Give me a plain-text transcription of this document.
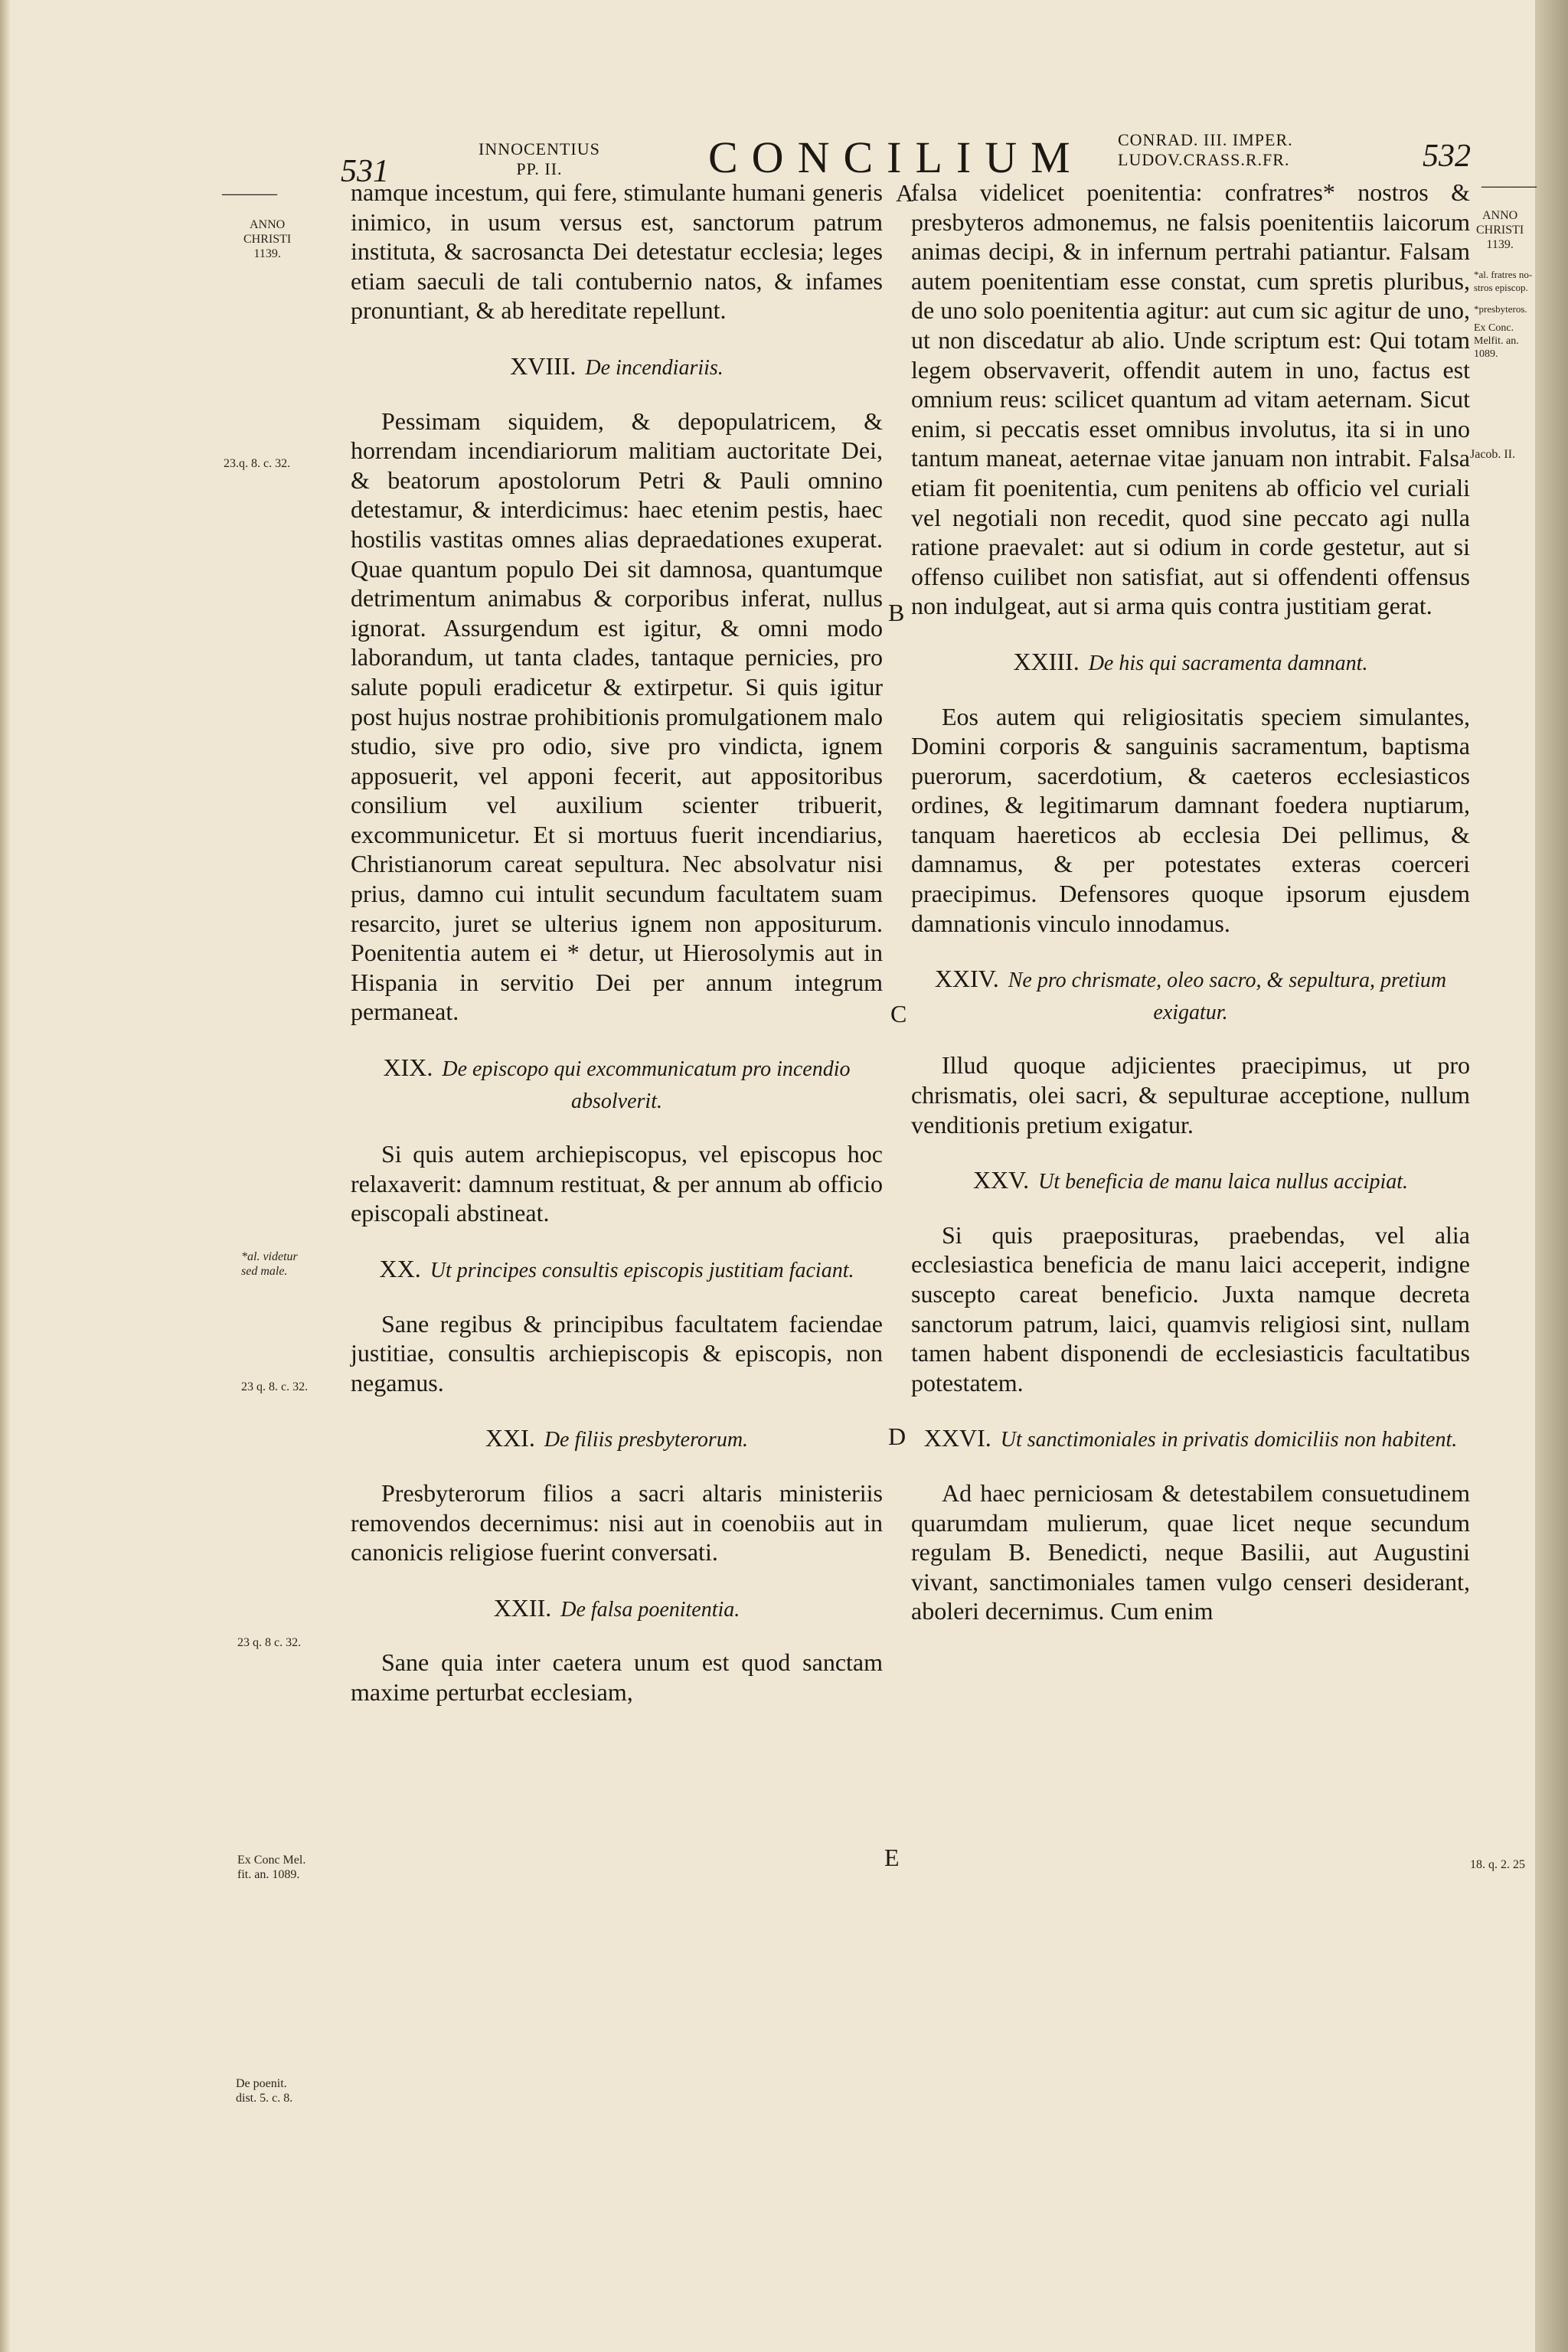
531
INNOCENTIUS
PP. II.	CONCILIUM CONRAD. III. IMPER.
LUDOV.CRASS.R.FR.	532
———
ANNO
CHRISTI
1139.
———
ANNO
CHRISTI
1139.
*al. fratres no-
stros episcop.
*presbyteros.
Ex Conc.
Melfit. an.
1089.
Jacob. II.
23.q. 8. c. 32.
*al. videtur
sed male.
23 q. 8. c. 32.
23 q. 8 c. 32.
Ex Conc Mel.
fit. an. 1089.
De poenit.
dist. 5. c. 8.
18. q. 2. 25
A
B
C
D
E

namque incestum, qui fere, stimulante humani generis inimico, in usum versus est, sanctorum patrum instituta, & sacrosancta Dei detestatur ecclesia; leges etiam saeculi de tali contubernio natos, & infames pronuntiant, & ab hereditate repellunt.

XVIII. De incendiariis.

Pessimam siquidem, & depopulatricem, & horrendam incendiariorum malitiam auctoritate Dei, & beatorum apostolorum Petri & Pauli omnino detestamur, & interdicimus: haec etenim pestis, haec hostilis vastitas omnes alias depraedationes exuperat. Quae quantum populo Dei sit damnosa, quantumque detrimentum animabus & corporibus inferat, nullus ignorat. Assurgendum est igitur, & omni modo laborandum, ut tanta clades, tantaque pernicies, pro salute populi eradicetur & extirpetur. Si quis igitur post hujus nostrae prohibitionis promulgationem malo studio, sive pro odio, sive pro vindicta, ignem apposuerit, vel apponi fecerit, aut appositoribus consilium vel auxilium scienter tribuerit, excommunicetur. Et si mortuus fuerit incendiarius, Christianorum careat sepultura. Nec absolvatur nisi prius, damno cui intulit secundum facultatem suam resarcito, juret se ulterius ignem non appositurum. Poenitentia autem ei * detur, ut Hierosolymis aut in Hispania in servitio Dei per annum integrum permaneat.

XIX. De episcopo qui excommunicatum pro incendio absolverit.

Si quis autem archiepiscopus, vel episcopus hoc relaxaverit: damnum restituat, & per annum ab officio episcopali abstineat.

XX. Ut principes consultis episcopis justitiam faciant.

Sane regibus & principibus facultatem faciendae justitiae, consultis archiepiscopis & episcopis, non negamus.

XXI. De filiis presbyterorum.

Presbyterorum filios a sacri altaris ministeriis removendos decernimus: nisi aut in coenobiis aut in canonicis religiose fuerint conversati.

XXII. De falsa poenitentia.

Sane quia inter caetera unum est quod sanctam maxime perturbat ecclesiam,

falsa videlicet poenitentia: confratres* nostros & presbyteros admonemus, ne falsis poenitentiis laicorum animas decipi, & in infernum pertrahi patiantur. Falsam autem poenitentiam esse constat, cum spretis pluribus, de uno solo poenitentia agitur: aut cum sic agitur de uno, ut non discedatur ab alio. Unde scriptum est: Qui totam legem observaverit, offendit autem in uno, factus est omnium reus: scilicet quantum ad vitam aeternam. Sicut enim, si peccatis esset omnibus involutus, ita si in uno tantum maneat, aeternae vitae januam non intrabit. Falsa etiam fit poenitentia, cum penitens ab officio vel curiali vel negotiali non recedit, quod sine peccato agi nulla ratione praevalet: aut si odium in corde gestetur, aut si offenso cuilibet non satisfiat, aut si offendenti offensus non indulgeat, aut si arma quis contra justitiam gerat.

XXIII. De his qui sacramenta damnant.

Eos autem qui religiositatis speciem simulantes, Domini corporis & sanguinis sacramentum, baptisma puerorum, sacerdotium, & caeteros ecclesiasticos ordines, & legitimarum damnant foedera nuptiarum, tanquam haereticos ab ecclesia Dei pellimus, & damnamus, & per potestates exteras coerceri praecipimus. Defensores quoque ipsorum ejusdem damnationis vinculo innodamus.

XXIV. Ne pro chrismate, oleo sacro, & sepultura, pretium exigatur.

Illud quoque adjicientes praecipimus, ut pro chrismatis, olei sacri, & sepulturae acceptione, nullum venditionis pretium exigatur.

XXV. Ut beneficia de manu laica nullus accipiat.

Si quis praeposituras, praebendas, vel alia ecclesiastica beneficia de manu laici acceperit, indigne suscepto careat beneficio. Juxta namque decreta sanctorum patrum, laici, quamvis religiosi sint, nullam tamen habent disponendi de ecclesiasticis facultatibus potestatem.

XXVI. Ut sanctimoniales in privatis domiciliis non habitent.

Ad haec perniciosam & detestabilem consuetudinem quarumdam mulierum, quae licet neque secundum regulam B. Benedicti, neque Basilii, aut Augustini vivant, sanctimoniales tamen vulgo censeri desiderant, aboleri decernimus. Cum enim
